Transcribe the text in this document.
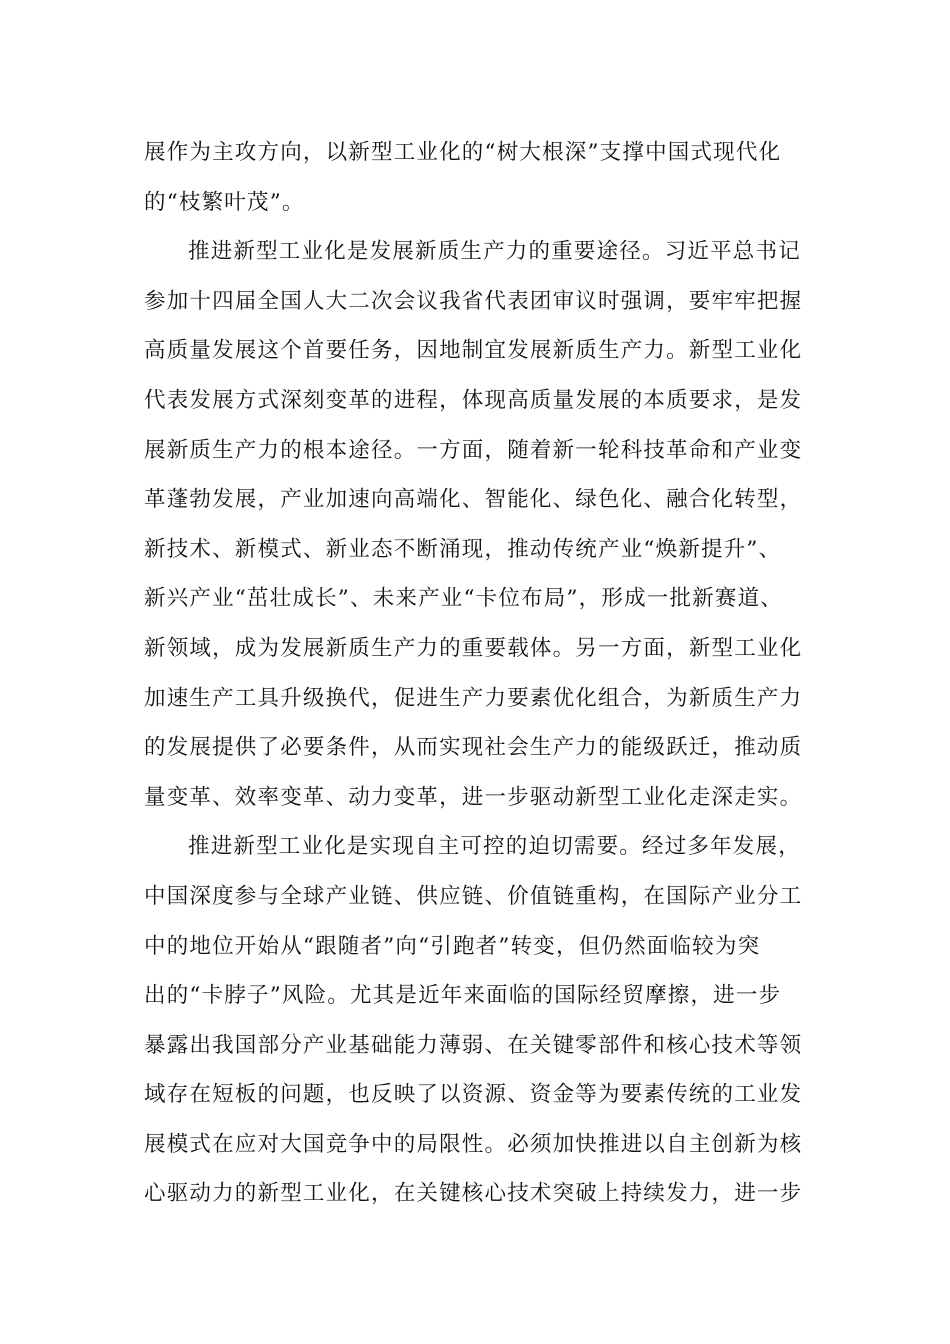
展作为主攻方向，以新型工业化的“树大根深”支撑中国式现代化
的“枝繁叶茂”。
推进新型工业化是发展新质生产力的重要途径。习近平总书记
参加十四届全国人大二次会议我省代表团审议时强调，要牢牢把握
高质量发展这个首要任务，因地制宜发展新质生产力。新型工业化
代表发展方式深刻变革的进程，体现高质量发展的本质要求，是发
展新质生产力的根本途径。一方面，随着新一轮科技革命和产业变
革蓬勃发展，产业加速向高端化、智能化、绿色化、融合化转型，
新技术、新模式、新业态不断涌现，推动传统产业“焕新提升”、
新兴产业“茁壮成长”、未来产业“卡位布局”，形成一批新赛道、
新领域，成为发展新质生产力的重要载体。另一方面，新型工业化
加速生产工具升级换代，促进生产力要素优化组合，为新质生产力
的发展提供了必要条件，从而实现社会生产力的能级跃迁，推动质
量变革、效率变革、动力变革，进一步驱动新型工业化走深走实。
推进新型工业化是实现自主可控的迫切需要。经过多年发展，
中国深度参与全球产业链、供应链、价值链重构，在国际产业分工
中的地位开始从“跟随者”向“引跑者”转变，但仍然面临较为突
出的“卡脖子”风险。尤其是近年来面临的国际经贸摩擦，进一步
暴露出我国部分产业基础能力薄弱、在关键零部件和核心技术等领
域存在短板的问题，也反映了以资源、资金等为要素传统的工业发
展模式在应对大国竞争中的局限性。必须加快推进以自主创新为核
心驱动力的新型工业化，在关键核心技术突破上持续发力，进一步
